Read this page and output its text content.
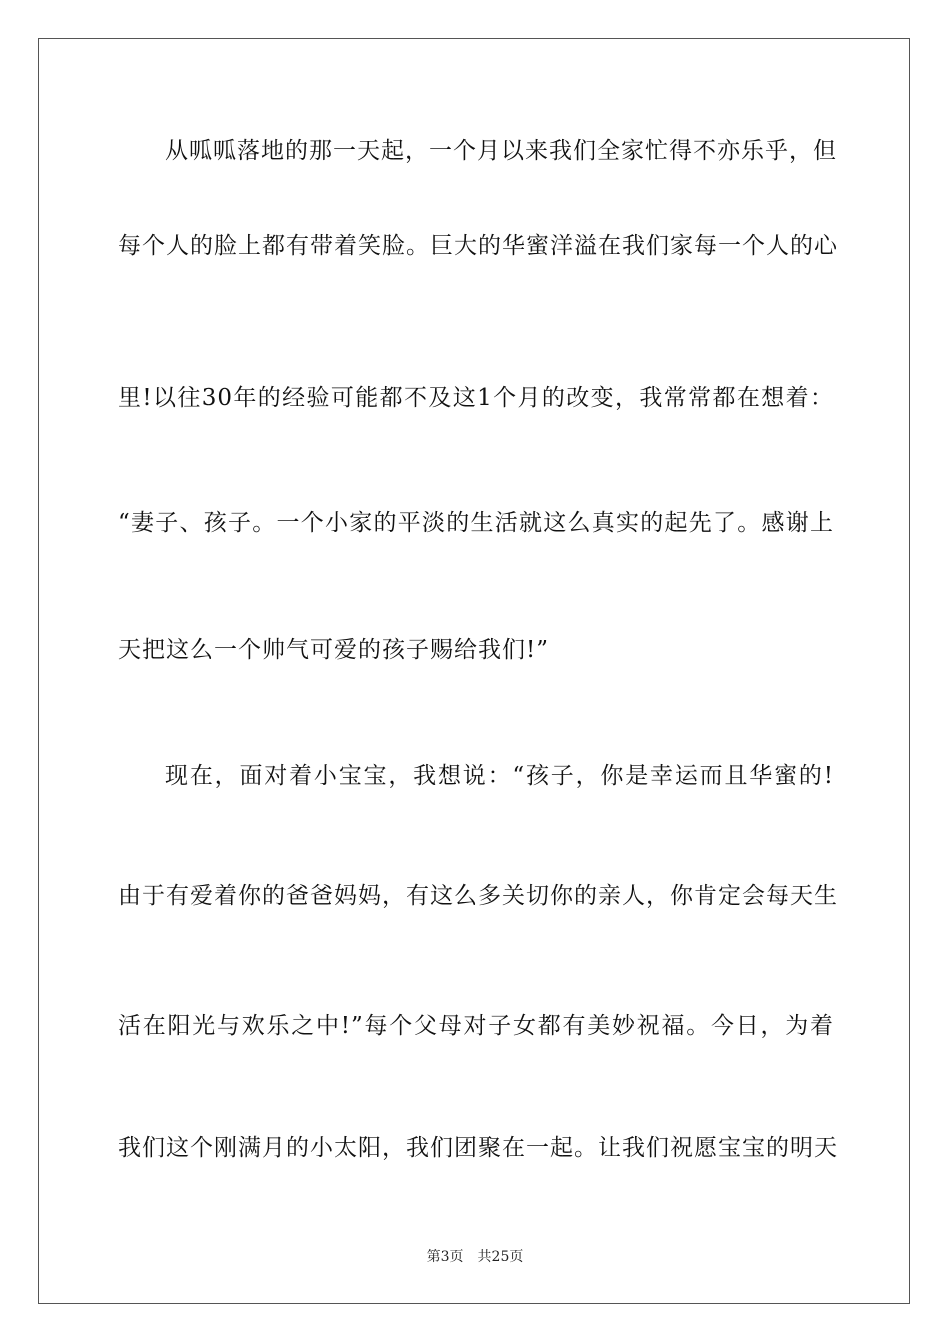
从呱呱落地的那一天起，一个月以来我们全家忙得不亦乐乎，但
每个人的脸上都有带着笑脸。巨大的华蜜洋溢在我们家每一个人的心
里!以往30年的经验可能都不及这1个月的改变，我常常都在想着：
“妻子、孩子。一个小家的平淡的生活就这么真实的起先了。感谢上
天把这么一个帅气可爱的孩子赐给我们!”
现在，面对着小宝宝，我想说：“孩子，你是幸运而且华蜜的!
由于有爱着你的爸爸妈妈，有这么多关切你的亲人，你肯定会每天生
活在阳光与欢乐之中!”每个父母对子女都有美妙祝福。今日，为着
我们这个刚满月的小太阳，我们团聚在一起。让我们祝愿宝宝的明天
第3页 共25页
